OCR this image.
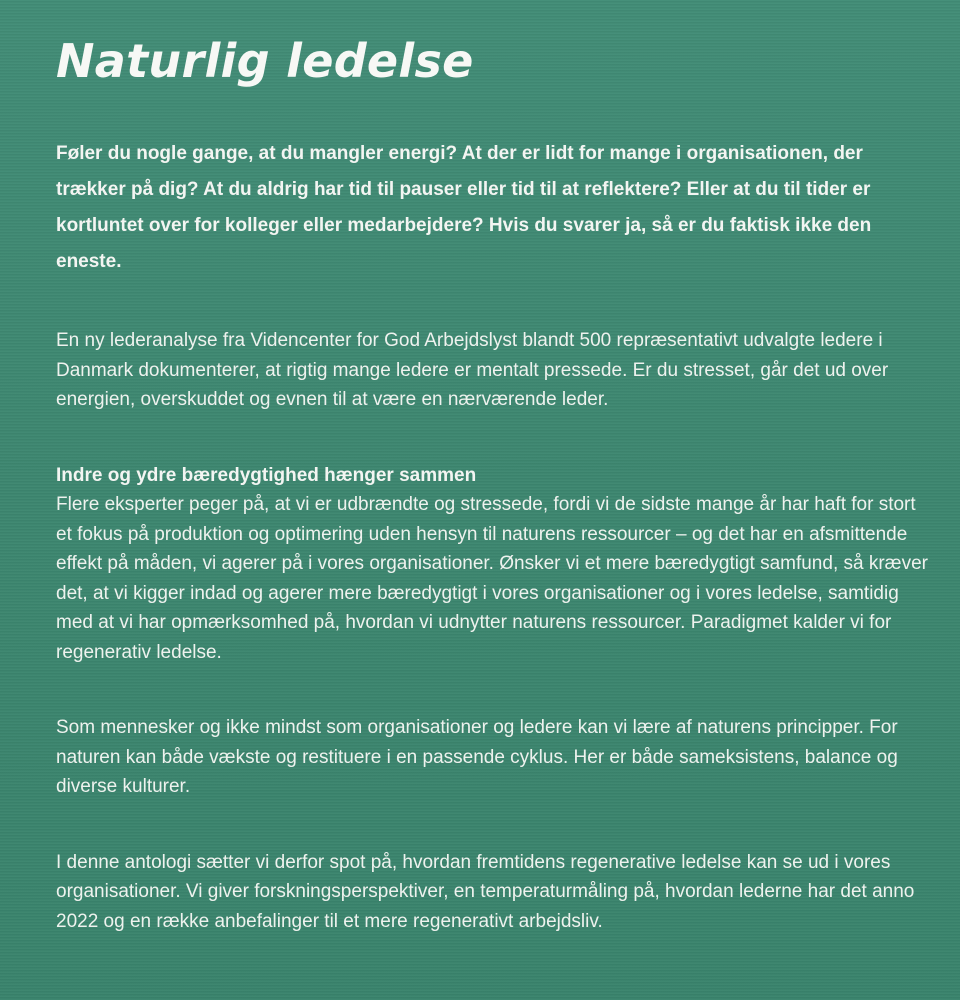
Naturlig ledelse

Føler du nogle gange, at du mangler energi? At der er lidt for mange i organisationen, der trækker på dig? At du aldrig har tid til pauser eller tid til at reflektere? Eller at du til tider er kortluntet over for kolleger eller medarbejdere? Hvis du svarer ja, så er du faktisk ikke den eneste.

En ny lederanalyse fra Videncenter for God Arbejdslyst blandt 500 repræsentativt udvalgte ledere i Danmark dokumenterer, at rigtig mange ledere er mentalt pressede. Er du stresset, går det ud over energien, overskuddet og evnen til at være en nærværende leder.

Indre og ydre bæredygtighed hænger sammen

Flere eksperter peger på, at vi er udbrændte og stressede, fordi vi de sidste mange år har haft for stort et fokus på produktion og optimering uden hensyn til naturens ressourcer – og det har en afsmittende effekt på måden, vi agerer på i vores organisationer. Ønsker vi et mere bæredygtigt samfund, så kræver det, at vi kigger indad og agerer mere bæredygtigt i vores organisationer og i vores ledelse, samtidig med at vi har opmærksomhed på, hvordan vi udnytter naturens ressourcer. Paradigmet kalder vi for regenerativ ledelse.

Som mennesker og ikke mindst som organisationer og ledere kan vi lære af naturens principper. For naturen kan både vækste og restituere i en passende cyklus. Her er både sameksistens, balance og diverse kulturer.

I denne antologi sætter vi derfor spot på, hvordan fremtidens regenerative ledelse kan se ud i vores organisationer. Vi giver forskningsperspektiver, en temperaturmåling på, hvordan lederne har det anno 2022 og en række anbefalinger til et mere regenerativt arbejdsliv.
